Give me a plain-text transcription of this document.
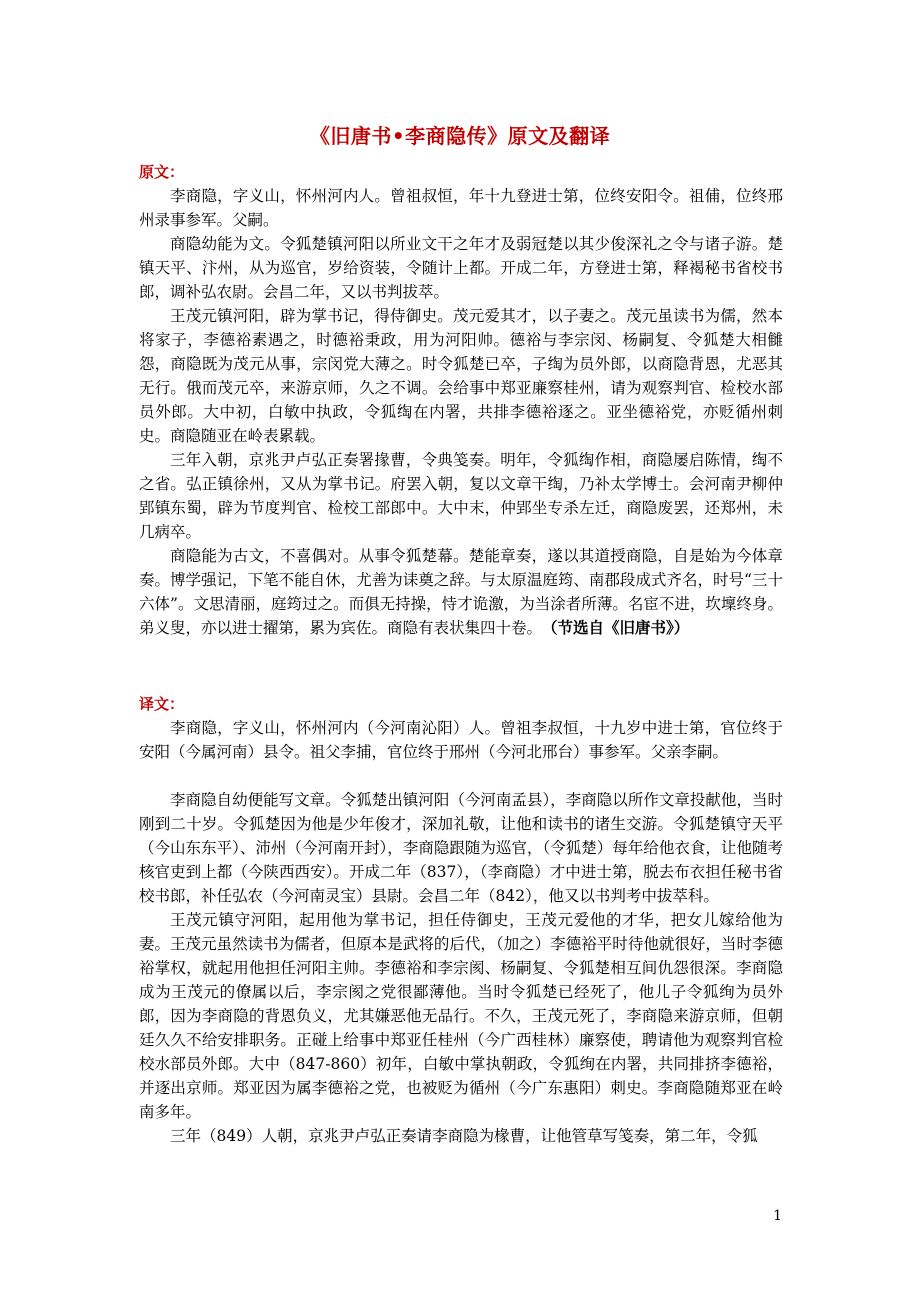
《旧唐书•李商隐传》原文及翻译

原文：

李商隐，字义山，怀州河内人。曾祖叔恒，年十九登进士第，位终安阳令。祖俌，位终邢州录事参军。父嗣。

商隐幼能为文。令狐楚镇河阳以所业文干之年才及弱冠楚以其少俊深礼之令与诸子游。楚镇天平、汴州，从为巡官，岁给资装，令随计上都。开成二年，方登进士第，释褐秘书省校书郎，调补弘农尉。会昌二年，又以书判拔萃。

王茂元镇河阳，辟为掌书记，得侍御史。茂元爱其才，以子妻之。茂元虽读书为儒，然本将家子，李德裕素遇之，时德裕秉政，用为河阳帅。德裕与李宗闵、杨嗣复、令狐楚大相雠怨，商隐既为茂元从事，宗闵党大薄之。时令狐楚已卒，子绹为员外郎，以商隐背恩，尤恶其无行。俄而茂元卒，来游京师，久之不调。会给事中郑亚廉察桂州，请为观察判官、检校水部员外郎。大中初，白敏中执政，令狐绹在内署，共排李德裕逐之。亚坐德裕党，亦贬循州刺史。商隐随亚在岭表累载。

三年入朝，京兆尹卢弘正奏署掾曹，令典笺奏。明年，令狐绹作相，商隐屡启陈情，绹不之省。弘正镇徐州，又从为掌书记。府罢入朝，复以文章干绹，乃补太学博士。会河南尹柳仲郢镇东蜀，辟为节度判官、检校工部郎中。大中末，仲郢坐专杀左迁，商隐废罢，还郑州，未几病卒。

商隐能为古文，不喜偶对。从事令狐楚幕。楚能章奏，遂以其道授商隐，自是始为今体章奏。博学强记，下笔不能自休，尤善为诔奠之辞。与太原温庭筠、南郡段成式齐名，时号“三十六体”。文思清丽，庭筠过之。而俱无持操，恃才诡激，为当涂者所薄。名宦不进，坎壈终身。弟义叟，亦以进士擢第，累为宾佐。商隐有表状集四十卷。　（节选自《旧唐书》）

译文：

李商隐，字义山，怀州河内（今河南沁阳）人。曾祖李叔恒，十九岁中进士第，官位终于安阳（今属河南）县令。祖父李捕，官位终于邢州（今河北邢台）事参军。父亲李嗣。

李商隐自幼便能写文章。令狐楚出镇河阳（今河南孟县），李商隐以所作文章投献他，当时刚到二十岁。令狐楚因为他是少年俊才，深加礼敬，让他和读书的诸生交游。令狐楚镇守天平（今山东东平）、沛州（今河南开封），李商隐跟随为巡官，（令狐楚）每年给他衣食，让他随考核官吏到上都（今陕西西安）。开成二年（837），（李商隐）才中进士第，脱去布衣担任秘书省校书郎，补任弘农（今河南灵宝）县尉。会昌二年（842），他又以书判考中拔萃科。

王茂元镇守河阳，起用他为掌书记，担任侍御史，王茂元爱他的才华，把女儿嫁给他为妻。王茂元虽然读书为儒者，但原本是武将的后代，（加之）李德裕平时待他就很好，当时李德裕掌权，就起用他担任河阳主帅。李德裕和李宗阂、杨嗣复、令狐楚相互间仇怨很深。李商隐成为王茂元的僚属以后，李宗阂之党很鄙薄他。当时令狐楚已经死了，他儿子令狐绚为员外郎，因为李商隐的背恩负义，尤其嫌恶他无品行。不久，王茂元死了，李商隐来游京师，但朝廷久久不给安排职务。正碰上给事中郑亚任桂州（今广西桂林）廉察使，聘请他为观察判官检校水部员外郎。大中（847-860）初年，白敏中掌执朝政，令狐绚在内署，共同排挤李德裕，并逐出京师。郑亚因为属李德裕之党，也被贬为循州（今广东惠阳）刺史。李商隐随郑亚在岭南多年。

三年（849）人朝，京兆尹卢弘正奏请李商隐为椽曹，让他管草写笺奏，第二年，令狐

1
